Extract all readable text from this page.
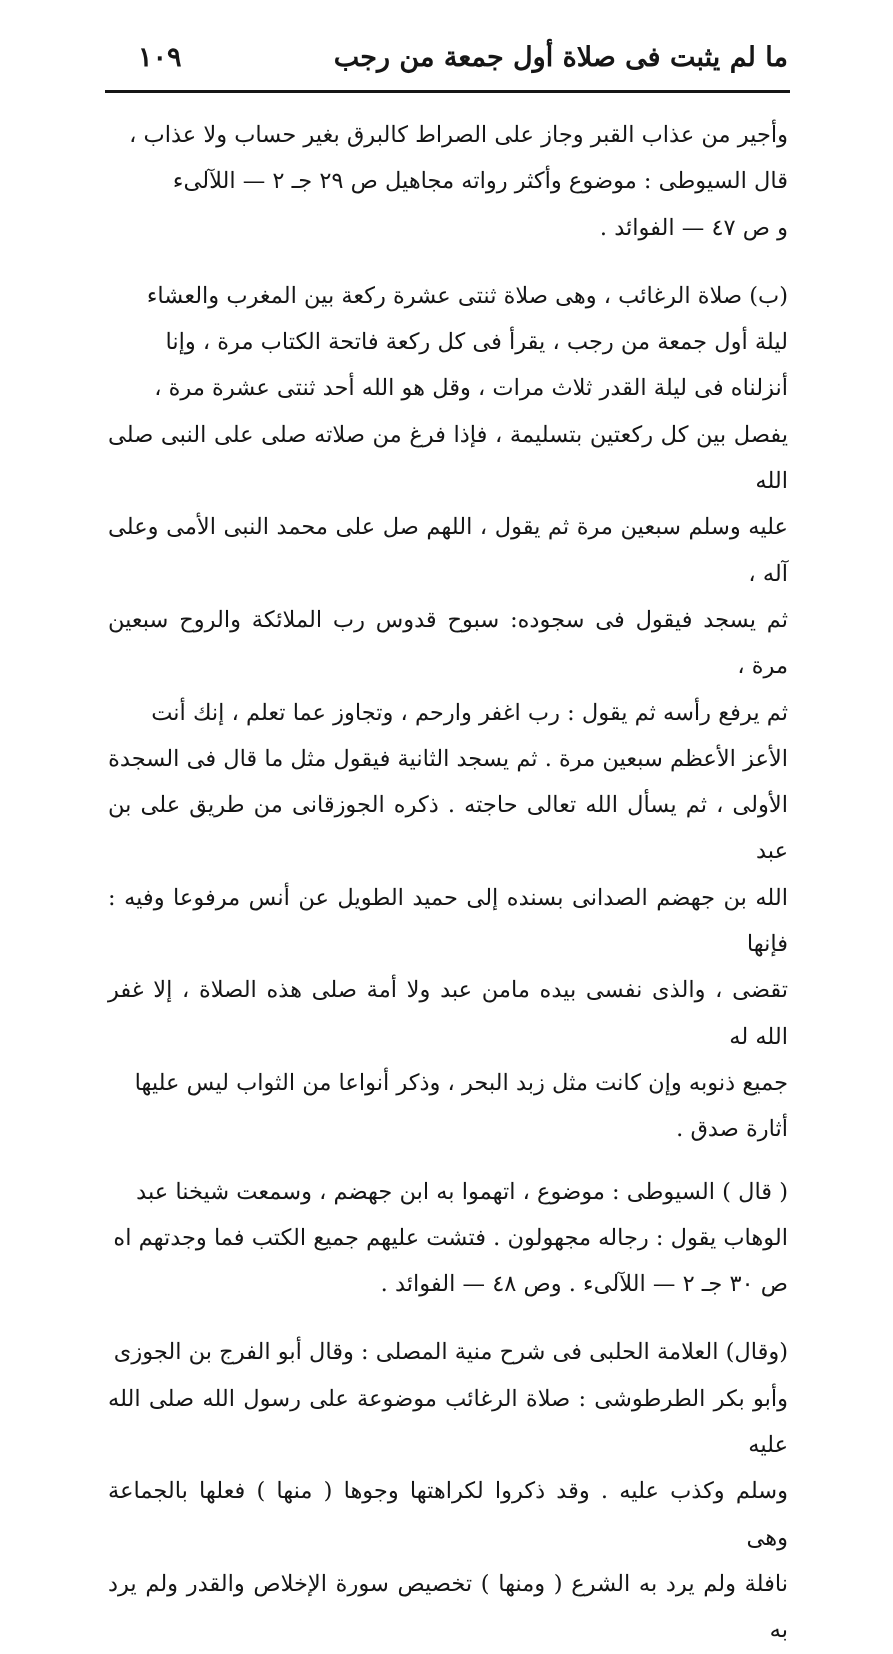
ما لم يثبت فى صلاة أول جمعة من رجب
١٠٩

وأجير من عذاب القبر وجاز على الصراط كالبرق بغير حساب ولا عذاب ،

قال السيوطى : موضوع وأكثر رواته مجاهيل ص ٢٩ جـ ٢ — اللآلىء

و ص ٤٧ — الفوائد .

(ب) صلاة الرغائب ، وهى صلاة ثنتى عشرة ركعة بين المغرب والعشاء

ليلة أول جمعة من رجب ، يقرأ فى كل ركعة فاتحة الكتاب مرة ، وإنا

أنزلناه فى ليلة القدر ثلاث مرات ، وقل هو الله أحد ثنتى عشرة مرة ،

يفصل بين كل ركعتين بتسليمة ، فإذا فرغ من صلاته صلى على النبى صلى الله

عليه وسلم سبعين مرة ثم يقول ، اللهم صل على محمد النبى الأمى وعلى آله ،

ثم يسجد فيقول فى سجوده: سبوح قدوس رب الملائكة والروح سبعين مرة ،

ثم يرفع رأسه ثم يقول : رب اغفر وارحم ، وتجاوز عما تعلم ، إنك أنت

الأعز الأعظم سبعين مرة . ثم يسجد الثانية فيقول مثل ما قال فى السجدة

الأولى ، ثم يسأل الله تعالى حاجته . ذكره الجوزقانى من طريق على بن عبد

الله بن جهضم الصدانى بسنده إلى حميد الطويل عن أنس مرفوعا وفيه : فإنها

تقضى ، والذى نفسى بيده مامن عبد ولا أمة صلى هذه الصلاة ، إلا غفر الله له

جميع ذنوبه وإن كانت مثل زبد البحر ، وذكر أنواعا من الثواب ليس عليها

أثارة صدق .

( قال ) السيوطى : موضوع ، اتهموا به ابن جهضم ، وسمعت شيخنا عبد

الوهاب يقول : رجاله مجهولون . فتشت عليهم جميع الكتب فما وجدتهم اه

ص ٣٠ جـ ٢ — اللآلىء . وص ٤٨ — الفوائد .

(وقال) العلامة الحلبى فى شرح منية المصلى : وقال أبو الفرج بن الجوزى

وأبو بكر الطرطوشى : صلاة الرغائب موضوعة على رسول الله صلى الله عليه

وسلم وكذب عليه . وقد ذكروا لكراهتها وجوها ( منها ) فعلها بالجماعة وهى

نافلة ولم يرد به الشرع ( ومنها ) تخصيص سورة الإخلاص والقدر ولم يرد به
